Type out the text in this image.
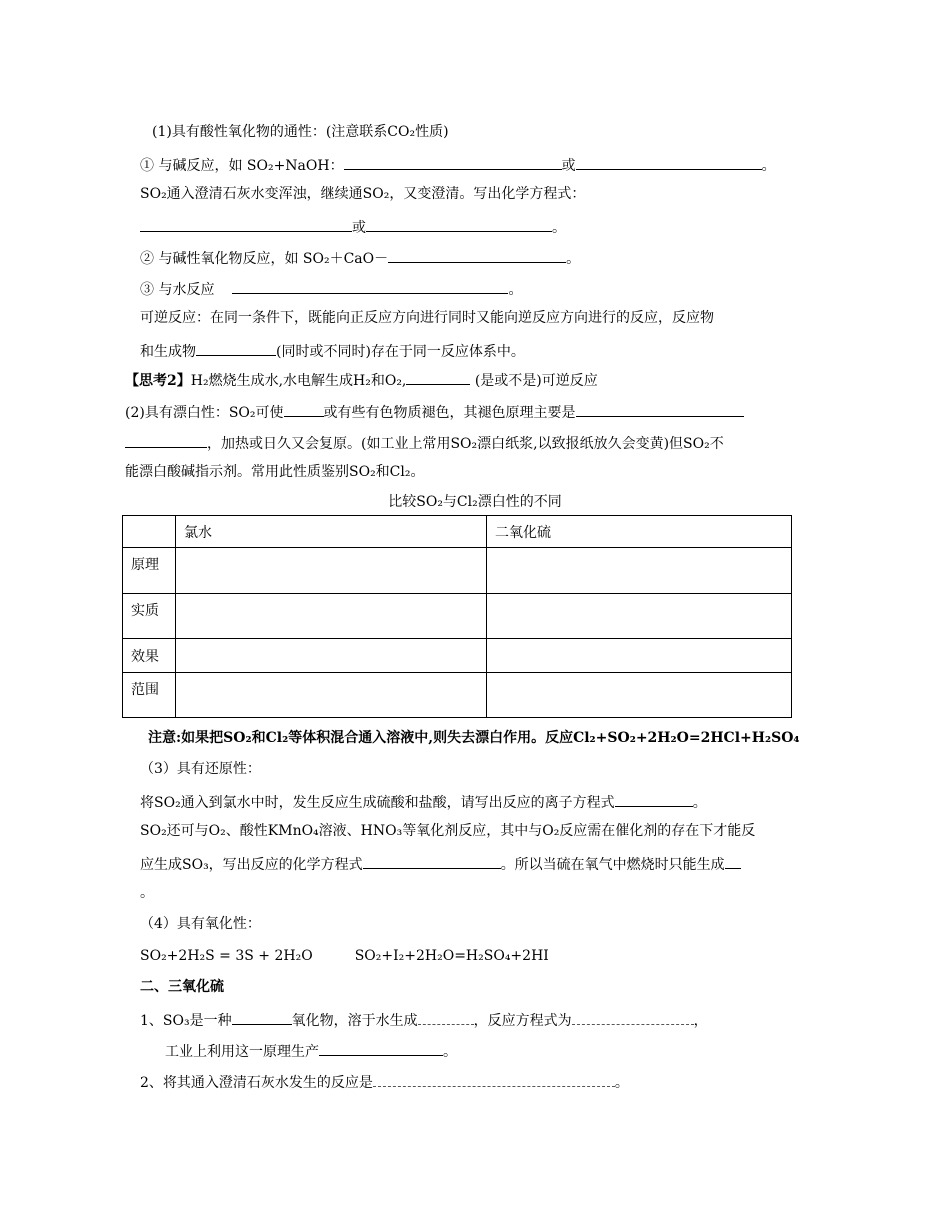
(1)具有酸性氧化物的通性：(注意联系CO₂性质)
① 与碱反应，如 SO₂+NaOH：	或	。
SO₂通入澄清石灰水变浑浊，继续通SO₂，又变澄清。写出化学方程式：
或	。
② 与碱性氧化物反应，如 SO₂＋CaO－	。
③ 与水反应	。
可逆反应：在同一条件下，既能向正反应方向进行同时又能向逆反应方向进行的反应，反应物
和生成物	(同时或不同时)存在于同一反应体系中。
【思考2】H₂燃烧生成水,水电解生成H₂和O₂,	(是或不是)可逆反应
(2)具有漂白性：SO₂可使	或有些有色物质褪色，其褪色原理主要是
，加热或日久又会复原。(如工业上常用SO₂漂白纸浆,以致报纸放久会变黄)但SO₂不
能漂白酸碱指示剂。常用此性质鉴别SO₂和Cl₂。
比较SO₂与Cl₂漂白性的不同
	氯水	二氧化硫
原理		
实质		
效果		
范围		
注意:如果把SO₂和Cl₂等体积混合通入溶液中,则失去漂白作用。反应Cl₂+SO₂+2H₂O=2HCl+H₂SO₄
（3）具有还原性：
将SO₂通入到氯水中时，发生反应生成硫酸和盐酸，请写出反应的离子方程式	。
SO₂还可与O₂、酸性KMnO₄溶液、HNO₃等氧化剂反应，其中与O₂反应需在催化剂的存在下才能反
应生成SO₃，写出反应的化学方程式	。所以当硫在氧气中燃烧时只能生成
。
（4）具有氧化性：
SO₂+2H₂S = 3S + 2H₂O	SO₂+I₂+2H₂O=H₂SO₄+2HI
二、三氧化硫
1、SO₃是一种	氧化物，溶于水生成	，反应方程式为	，
工业上利用这一原理生产	。
2、将其通入澄清石灰水发生的反应是	。
